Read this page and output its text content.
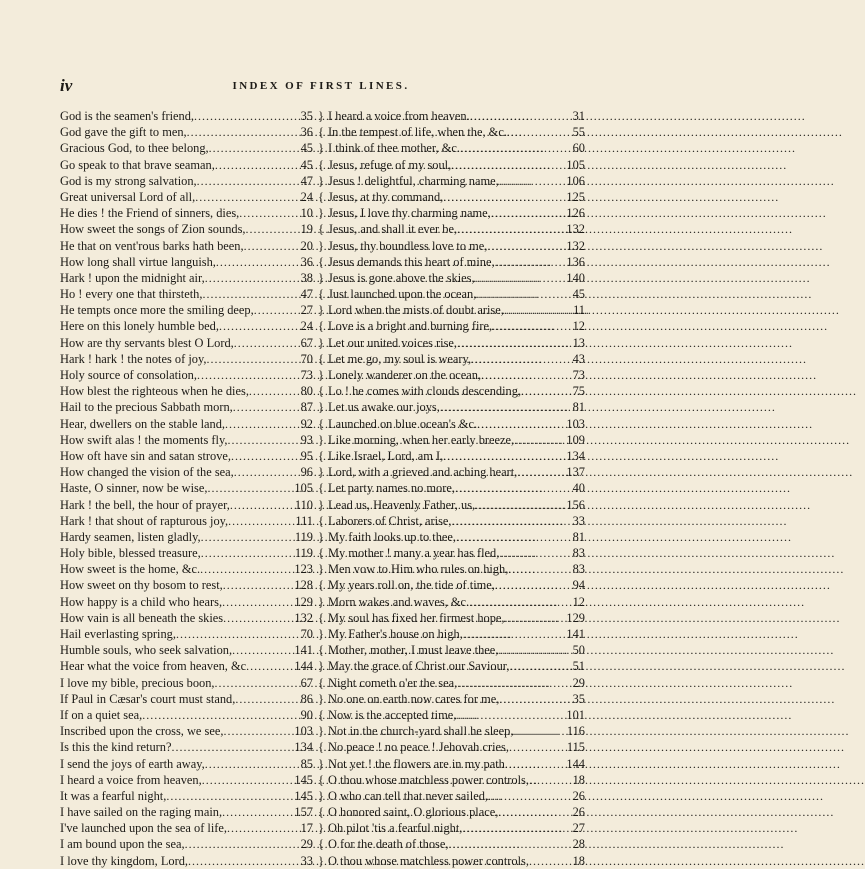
iv	INDEX OF FIRST LINES.
God is the seamen's friend, .....	35
God gave the gift to men, .....	36
Gracious God, to thee belong, .....	45
Go speak to that brave seaman, .....	45
God is my strong salvation, .....	47
Great universal Lord of all, .....	24
He dies ! the Friend of sinners, dies, .....	10
How sweet the songs of Zion sounds, .....	19
He that on vent'rous barks hath been, .....	20
How long shall virtue languish, .....	36
Hark ! upon the midnight air, .....	38
Ho ! every one that thirsteth, .....	47
He tempts once more the smiling deep, .....	27
Here on this lonely humble bed, .....	24
How are thy servants blest O Lord, .....	67
Hark ! hark ! the notes of joy, .....	70
Holy source of consolation, .....	73
How blest the righteous when he dies, .....	80
Hail to the precious Sabbath morn, .....	87
Hear, dwellers on the stable land, .....	92
How swift alas ! the moments fly, .....	93
How oft have sin and satan strove, .....	95
How changed the vision of the sea, .....	96
Haste, O sinner, now be wise, .....	105
Hark ! the bell, the hour of prayer, .....	110
Hark ! that shout of rapturous joy, .....	111
Hardy seamen, listen gladly, .....	119
Holy bible, blessed treasure, .....	119
How sweet is the home, &c. .....	123
How sweet on thy bosom to rest, .....	128
How happy is a child who hears, .....	129
How vain is all beneath the skies .....	132
Hail everlasting spring, .....	70
Humble souls, who seek salvation, .....	141
Hear what the voice from heaven, &c .....	144
I love my bible, precious boon, .....	67
If Paul in Cæsar's court must stand, .....	86
If on a quiet sea, .....	90
Inscribed upon the cross, we see, .....	103
Is this the kind return? .....	134
I send the joys of earth away, .....	85
I heard a voice from heaven, .....	145
It was a fearful night, .....	145
I have sailed on the raging main, .....	157
I've launched upon the sea of life, .....	17
I am bound upon the sea, .....	29
I love thy kingdom, Lord, .....	33
}
{
}
{
}
{
}
{
}
{
}
{
}
{
}
{
}
{
}
{
}
{
}
{
}
{
}
{
}
{
}
{
}
{
}
{
}
{
}
{
}
{
}
{
}
{
}
I heard a voice from heaven. .....	31
In the tempest of life, when the, &c. .....	55
I think of thee mother, &c. .....	60
Jesus, refuge of my soul, .....	105
Jesus ! delightful, charming name, .....	106
Jesus, at thy command, .....	125
Jesus, I love thy charming name, .....	126
Jesus, and shall it ever be, .....	132
Jesus, thy boundless love to me, .....	132
Jesus demands this heart of mine, .....	136
Jesus is gone above the skies, .....	140
Just launched upon the ocean, .....	45
Lord when the mists of doubt arise, .....	11
Love is a bright and burning fire, .....	12
Let our united voices rise, .....	13
Let me go, my soul is weary, .....	43
Lonely wanderer on the ocean, .....	73
Lo ! he comes with clouds descending, .....	75
Let us awake our joys, .....	81
Launched on blue ocean's &c. .....	103
Like morning, when her early breeze, .....	109
Like Israel, Lord, am I, .....	134
Lord, with a grieved and aching heart, .....	137
Let party names no more, .....	40
Lead us, Heavenly Father, us, .....	156
Laborers of Christ, arise, .....	33
My faith looks up to thee, .....	81
My mother ! many a year has fled, .....	83
Men vow to Him who rules on high, .....	83
My years roll on, the tide of time, .....	94
Morn wakes and waves, &c. .....	12
My soul has fixed her firmest hope, .....	129
My Father's house on high, .....	141
Mother, mother, I must leave thee, .....	50
May the grace of Christ our Saviour, .....	51
Night cometh o'er the sea, .....	29
No one on earth now cares for me, .....	35
Now is the accepted time, .....	101
Not in the church-yard shall he sleep, .....	116
No peace ! no peace ! Jehovah cries, .....	115
Not yet ! the flowers are in my path .....	144
O thou whose matchless power controls, .....	18
O who can tell that never sailed, .....	26
O honored saint, O glorious place, .....	26
Oh pilot 'tis a fearful night, .....	27
O for the death of those, .....	28
O thou whose matchless power controls, .....	18
